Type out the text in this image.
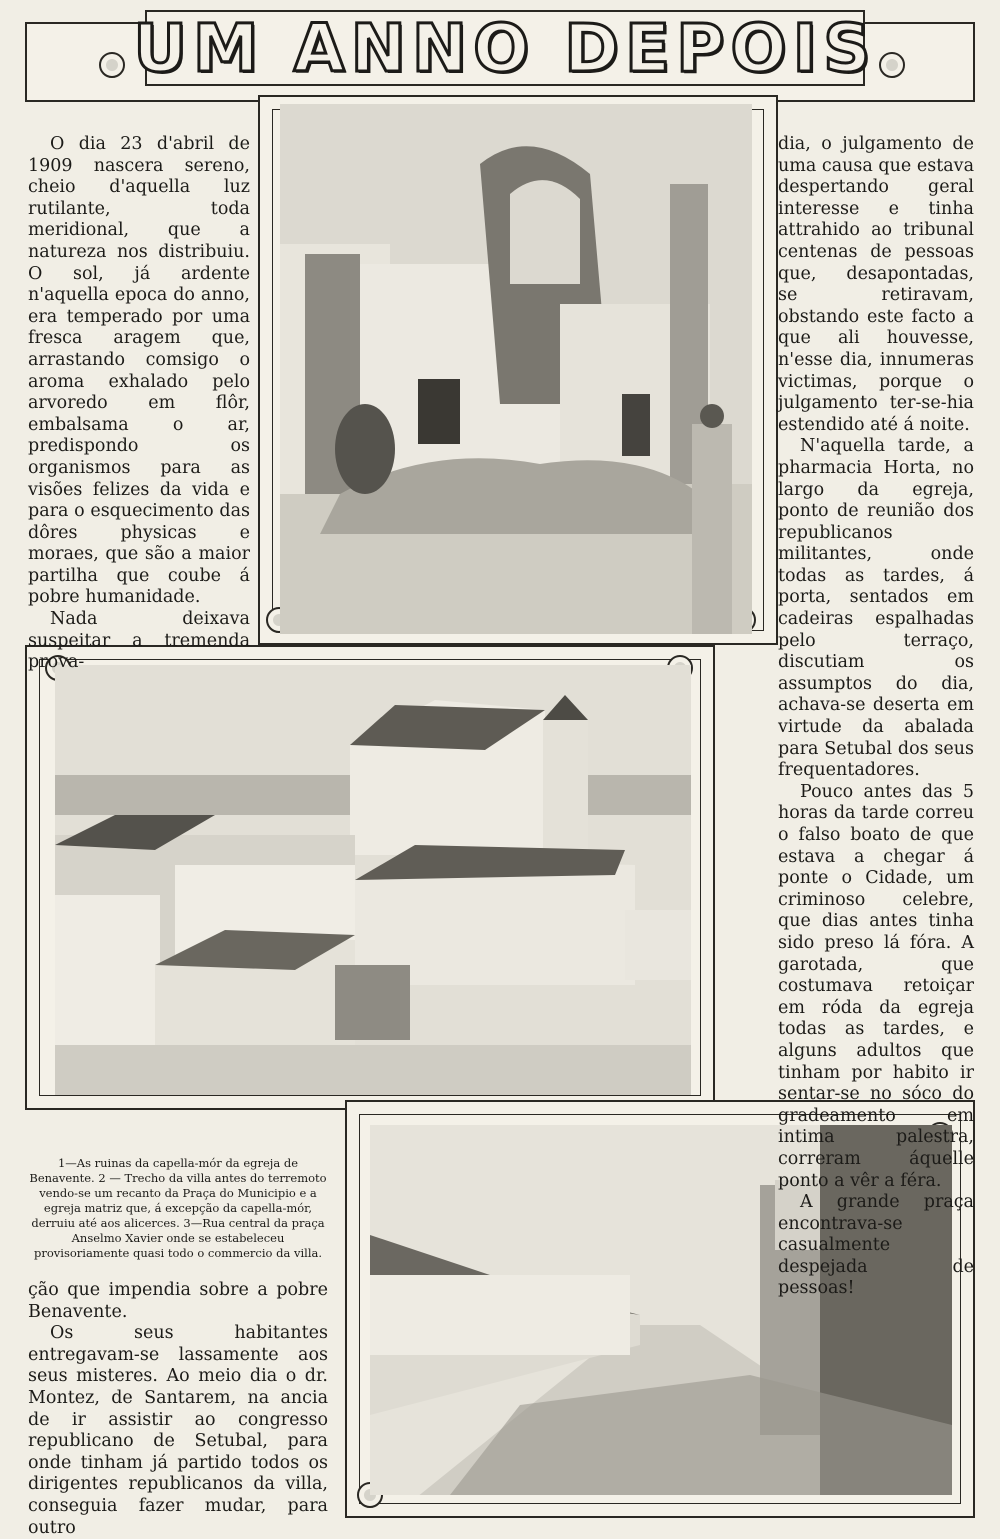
UM ANNO DEPOIS

O dia 23 d'abril de 1909 nascera sereno, cheio d'aquella luz rutilante, toda meridional, que a natureza nos distribuiu. O sol, já ardente n'aquella epoca do anno, era temperado por uma fresca aragem que, arrastando comsigo o aroma exhalado pelo arvoredo em flôr, embalsama o ar, predispondo os organismos para as visões felizes da vida e para o esquecimento das dôres physicas e moraes, que são a maior partilha que coube á pobre humanidade.

Nada deixava suspeitar a tremenda prova-

dia, o julgamento de uma causa que estava despertando geral interesse e tinha attrahido ao tribunal centenas de pessoas que, desapontadas, se retiravam, obstando este facto a que ali houvesse, n'esse dia, innumeras victimas, porque o julgamento ter-se-hia estendido até á noite.

N'aquella tarde, a pharmacia Horta, no largo da egreja, ponto de reunião dos republicanos militantes, onde todas as tardes, á porta, sentados em cadeiras espalhadas pelo terraço, discutiam os assumptos do dia, achava-se deserta em virtude da abalada para Setubal dos seus frequentadores.

Pouco antes das 5 horas da tarde correu o falso boato de que estava a chegar á ponte o Cidade, um criminoso celebre, que dias antes tinha sido preso lá fóra. A garotada, que costumava retoiçar em róda da egreja todas as tardes, e alguns adultos que tinham por habito ir sentar-se no sóco do gradeamento em intima palestra, correram áquelle ponto a vêr a féra.

A grande praça encontrava-se casualmente despejada de pessoas!

1—As ruinas da capella-mór da egreja de Benavente. 2 — Trecho da villa antes do terremoto vendo-se um recanto da Praça do Municipio e a egreja matriz que, á excepção da capella-mór, derruiu até aos alicerces. 3—Rua central da praça Anselmo Xavier onde se estabeleceu provisoriamente quasi todo o commercio da villa.

ção que impendia sobre a pobre Benavente.

Os seus habitantes entregavam-se lassamente aos seus misteres. Ao meio dia o dr. Montez, de Santarem, na ancia de ir assistir ao congresso republicano de Setubal, para onde tinham já partido todos os dirigentes republicanos da villa, conseguia fazer mudar, para outro
